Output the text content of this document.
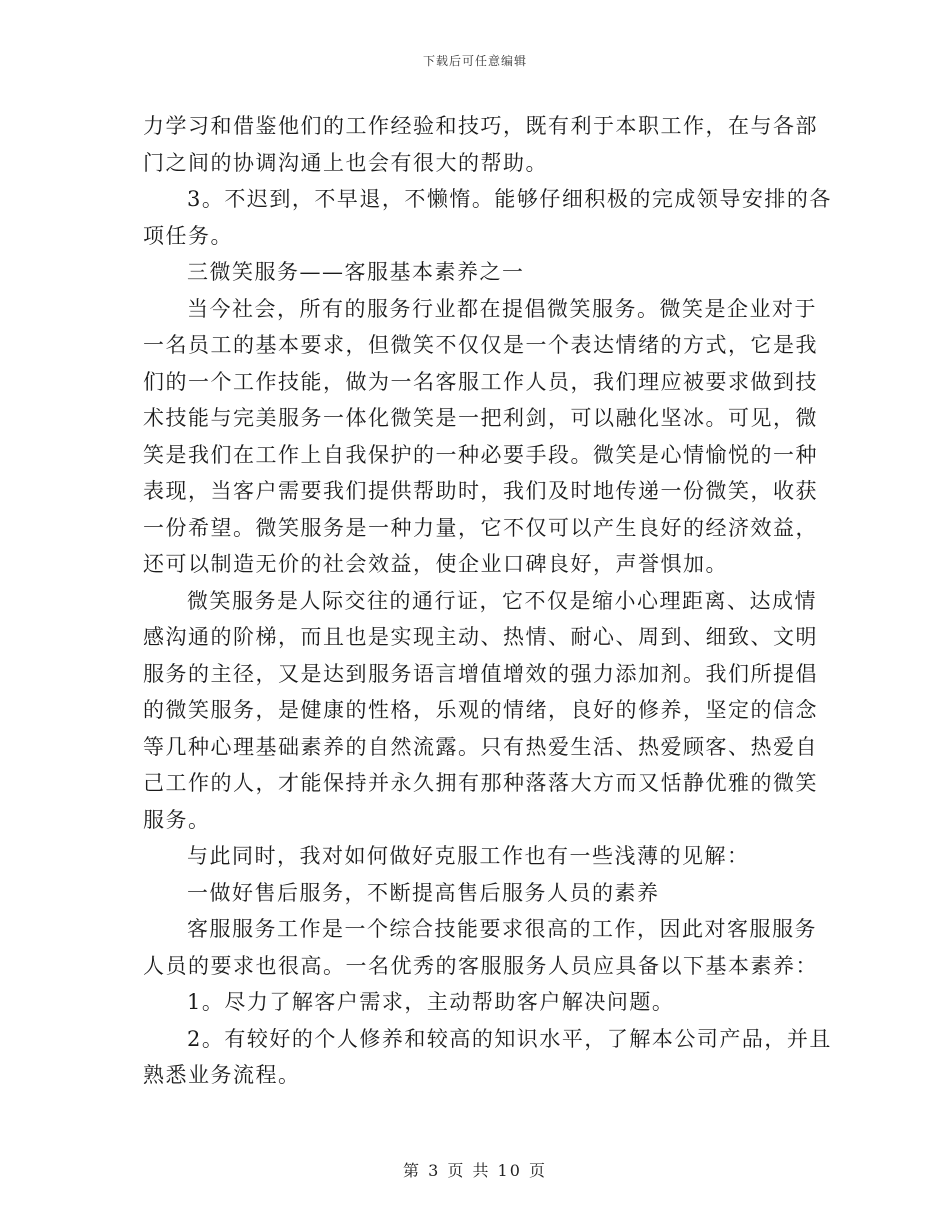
下载后可任意编辑
力学习和借鉴他们的工作经验和技巧，既有利于本职工作，在与各部
门之间的协调沟通上也会有很大的帮助。
3。不迟到，不早退，不懒惰。能够仔细积极的完成领导安排的各
项任务。
三微笑服务——客服基本素养之一
当今社会，所有的服务行业都在提倡微笑服务。微笑是企业对于
一名员工的基本要求，但微笑不仅仅是一个表达情绪的方式，它是我
们的一个工作技能，做为一名客服工作人员，我们理应被要求做到技
术技能与完美服务一体化微笑是一把利剑，可以融化坚冰。可见，微
笑是我们在工作上自我保护的一种必要手段。微笑是心情愉悦的一种
表现，当客户需要我们提供帮助时，我们及时地传递一份微笑，收获
一份希望。微笑服务是一种力量，它不仅可以产生良好的经济效益，
还可以制造无价的社会效益，使企业口碑良好，声誉惧加。
微笑服务是人际交往的通行证，它不仅是缩小心理距离、达成情
感沟通的阶梯，而且也是实现主动、热情、耐心、周到、细致、文明
服务的主径，又是达到服务语言增值增效的强力添加剂。我们所提倡
的微笑服务，是健康的性格，乐观的情绪，良好的修养，坚定的信念
等几种心理基础素养的自然流露。只有热爱生活、热爱顾客、热爱自
己工作的人，才能保持并永久拥有那种落落大方而又恬静优雅的微笑
服务。
与此同时，我对如何做好克服工作也有一些浅薄的见解：
一做好售后服务，不断提高售后服务人员的素养
客服服务工作是一个综合技能要求很高的工作，因此对客服服务
人员的要求也很高。一名优秀的客服服务人员应具备以下基本素养：
1。尽力了解客户需求，主动帮助客户解决问题。
2。有较好的个人修养和较高的知识水平，了解本公司产品，并且
熟悉业务流程。
第 3 页 共 10 页
